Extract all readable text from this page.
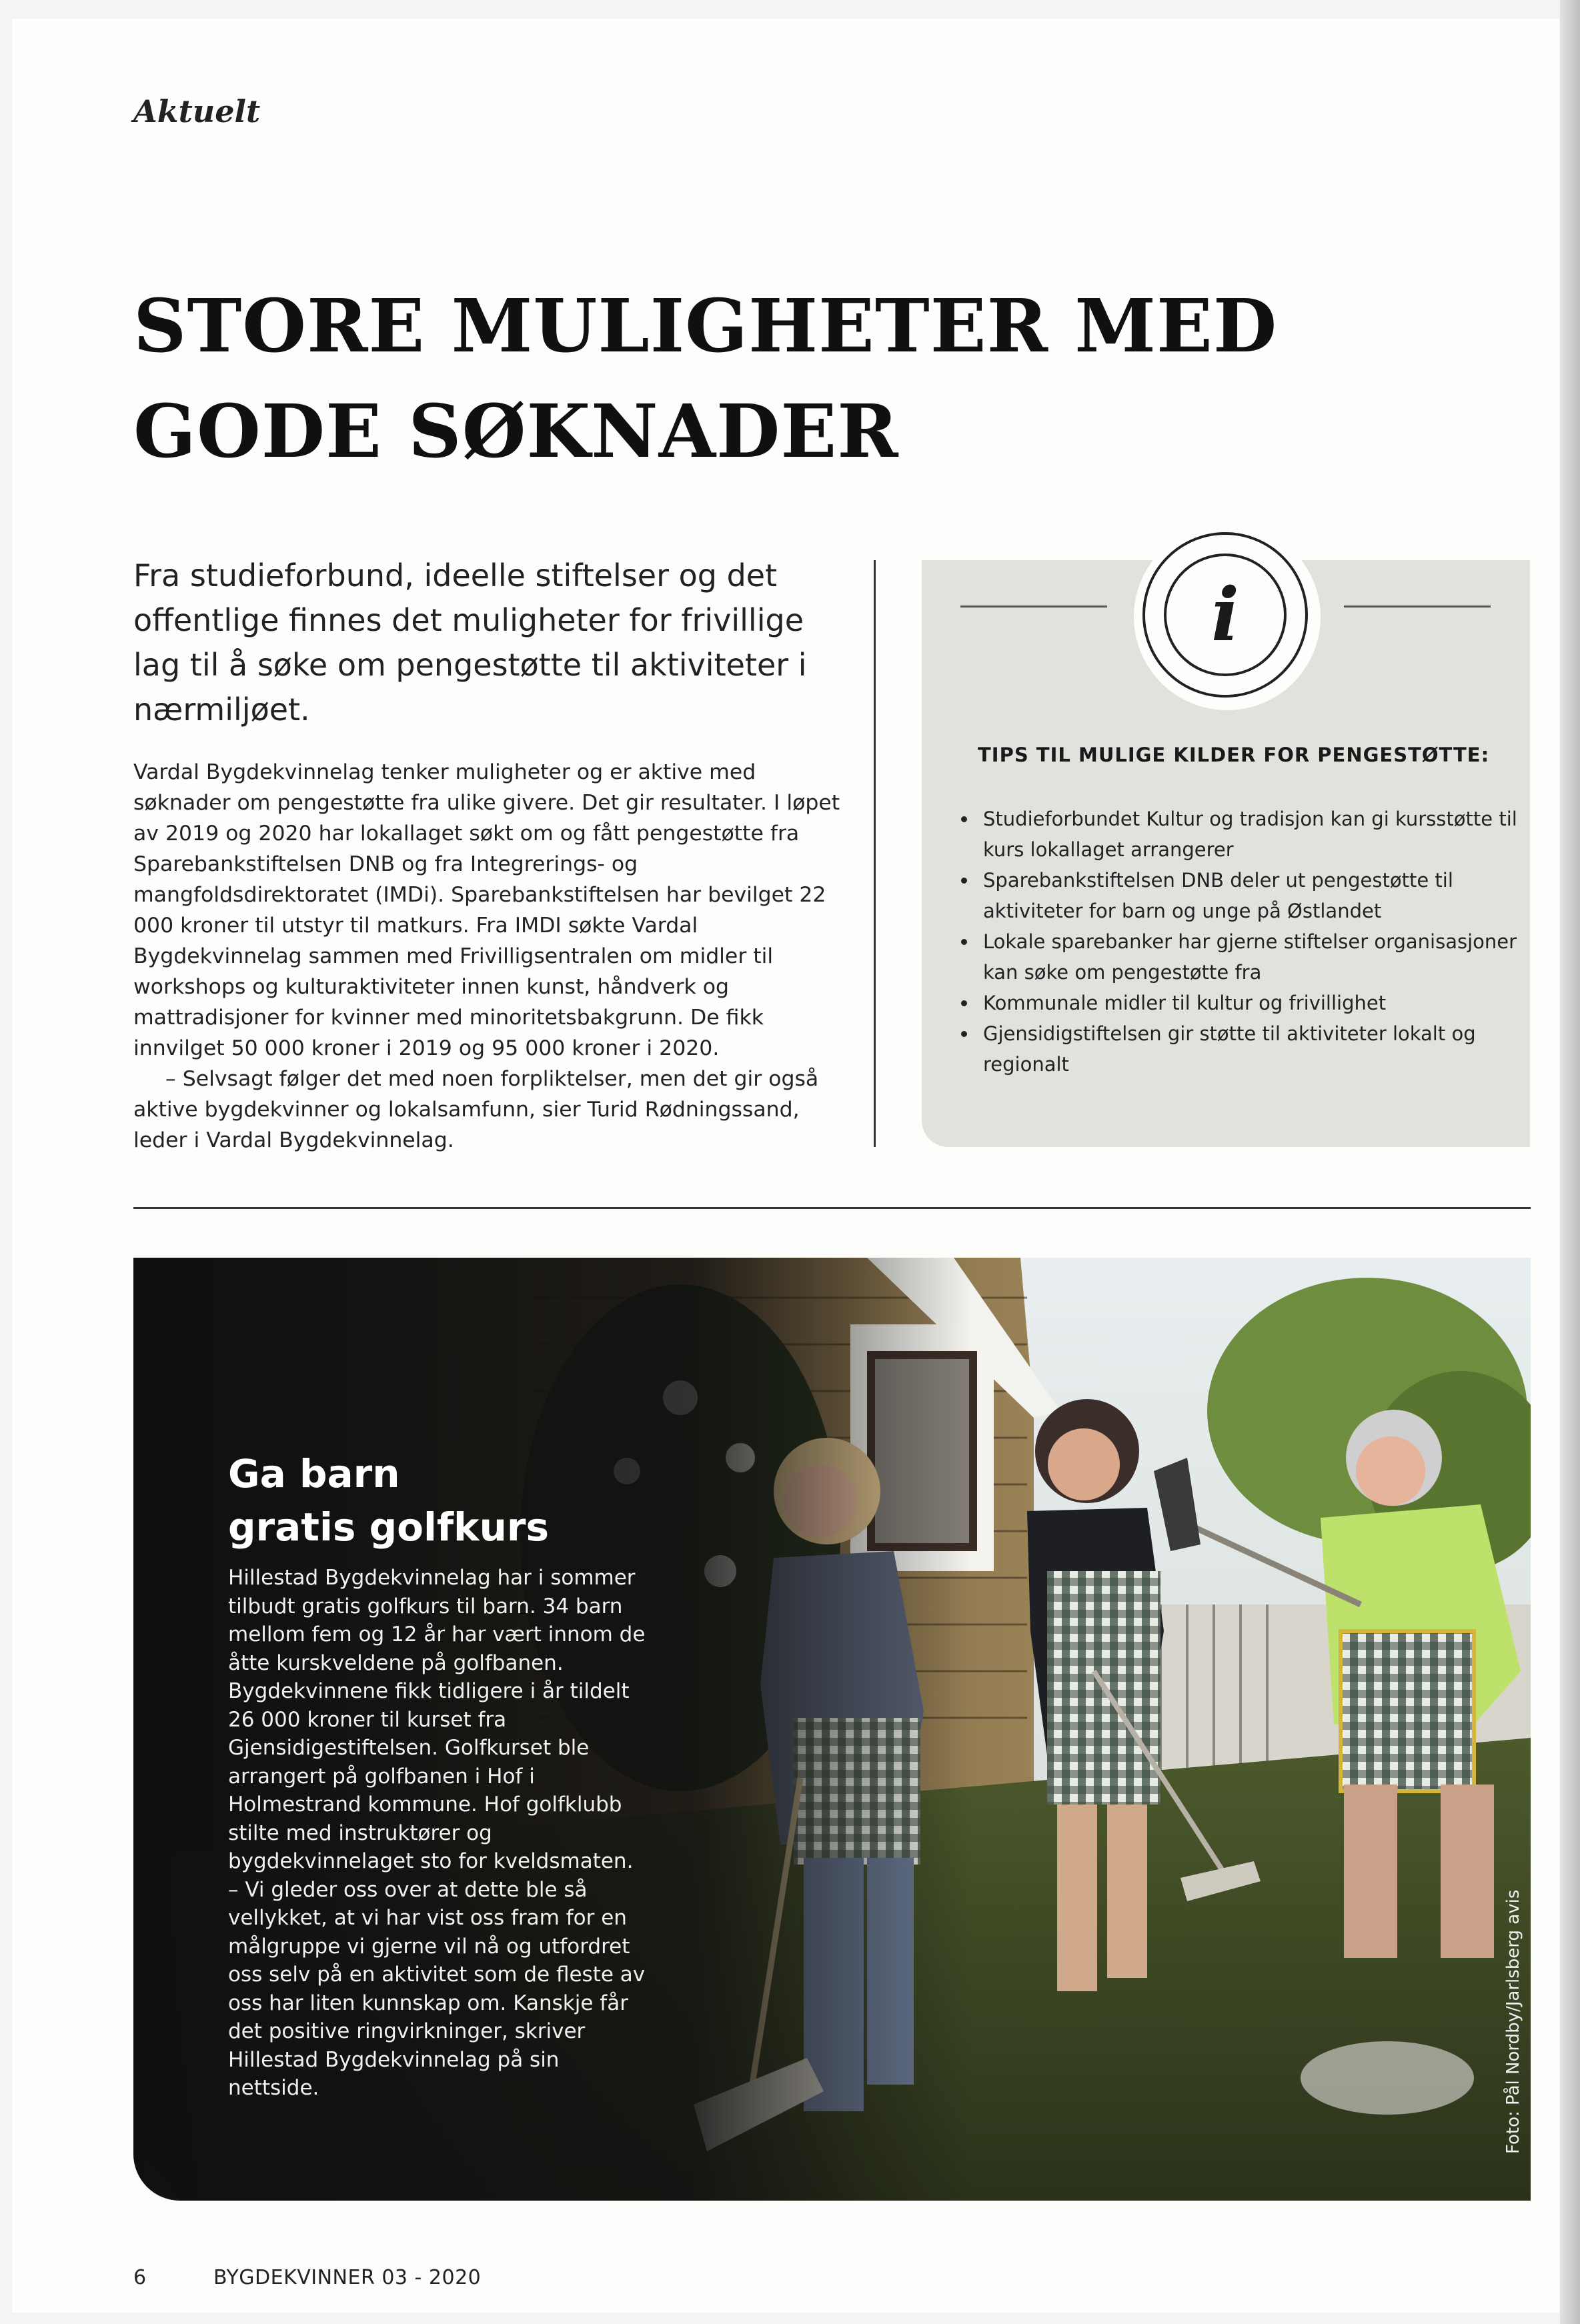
Aktuelt
STORE MULIGHETER MED GODE SØKNADER
Fra studieforbund, ideelle stiftelser og det offentlige finnes det muligheter for frivillige lag til å søke om pengestøtte til aktiviteter i nærmiljøet.

Vardal Bygdekvinnelag tenker muligheter og er aktive med søknader om pengestøtte fra ulike givere. Det gir resultater. I løpet av 2019 og 2020 har lokallaget søkt om og fått pengestøtte fra Sparebankstiftelsen DNB og fra Integrerings- og mangfoldsdirektoratet (IMDi). Sparebankstiftelsen har bevilget 22 000 kroner til utstyr til matkurs. Fra IMDI søkte Vardal Bygdekvinnelag sammen med Frivilligsentralen om midler til workshops og kulturaktiviteter innen kunst, håndverk og mattradisjoner for kvinner med minoritetsbakgrunn. De fikk innvilget 50 000 kroner i 2019 og 95 000 kroner i 2020.

– Selvsagt følger det med noen forpliktelser, men det gir også aktive bygdekvinner og lokalsamfunn, sier Turid Rødningssand, leder i Vardal Bygdekvinnelag.

i
TIPS TIL MULIGE KILDER FOR PENGESTØTTE:
• Studieforbundet Kultur og tradisjon kan gi kursstøtte til kurs lokallaget arrangerer
• Sparebankstiftelsen DNB deler ut pengestøtte til aktiviteter for barn og unge på Østlandet
• Lokale sparebanker har gjerne stiftelser organisasjoner kan søke om pengestøtte fra
• Kommunale midler til kultur og frivillighet
• Gjensidigstiftelsen gir støtte til aktiviteter lokalt og regionalt
Ga barn
gratis golfkurs

Hillestad Bygdekvinnelag har i sommer tilbudt gratis golfkurs til barn. 34 barn mellom fem og 12 år har vært innom de åtte kurskveldene på golfbanen. Bygdekvinnene fikk tidligere i år tildelt 26 000 kroner til kurset fra Gjensidigestiftelsen. Golfkurset ble arrangert på golfbanen i Hof i Holmestrand kommune. Hof golfklubb stilte med instruktører og bygdekvinnelaget sto for kveldsmaten.

– Vi gleder oss over at dette ble så vellykket, at vi har vist oss fram for en målgruppe vi gjerne vil nå og utfordret oss selv på en aktivitet som de fleste av oss har liten kunnskap om. Kanskje får det positive ringvirkninger, skriver Hillestad Bygdekvinnelag på sin nettside.	Foto: Pål Nordby/Jarlsberg avis
6	BYGDEKVINNER 03 - 2020
